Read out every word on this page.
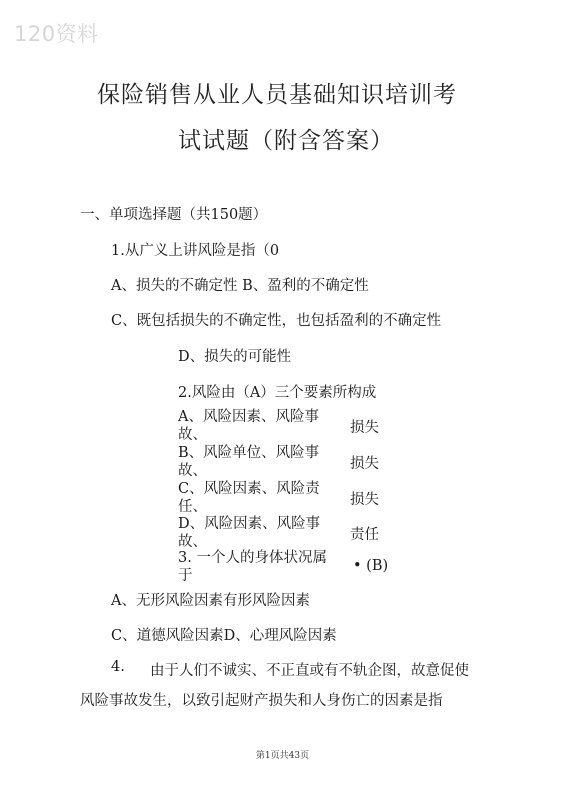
120资料
保险销售从业人员基础知识培训考
试试题（附含答案）
一、单项选择题（共150题）
1.从广义上讲风险是指（0
A、损失的不确定性 B、盈利的不确定性
C、既包括损失的不确定性，也包括盈利的不确定性
D、损失的可能性
2.风险由（A）三个要素所构成
A、风险因素、风险事故、	损失
B、风险单位、风险事故、	损失
C、风险因素、风险责任、	损失
D、风险因素、风险事故、	责任
3. 一个人的身体状况属于
• (B)
A、无形风险因素有形风险因素
C、道德风险因素D、心理风险因素
4. 由于人们不诚实、不正直或有不轨企图，故意促使
风险事故发生，以致引起财产损失和人身伤亡的因素是指
第1页共43页
